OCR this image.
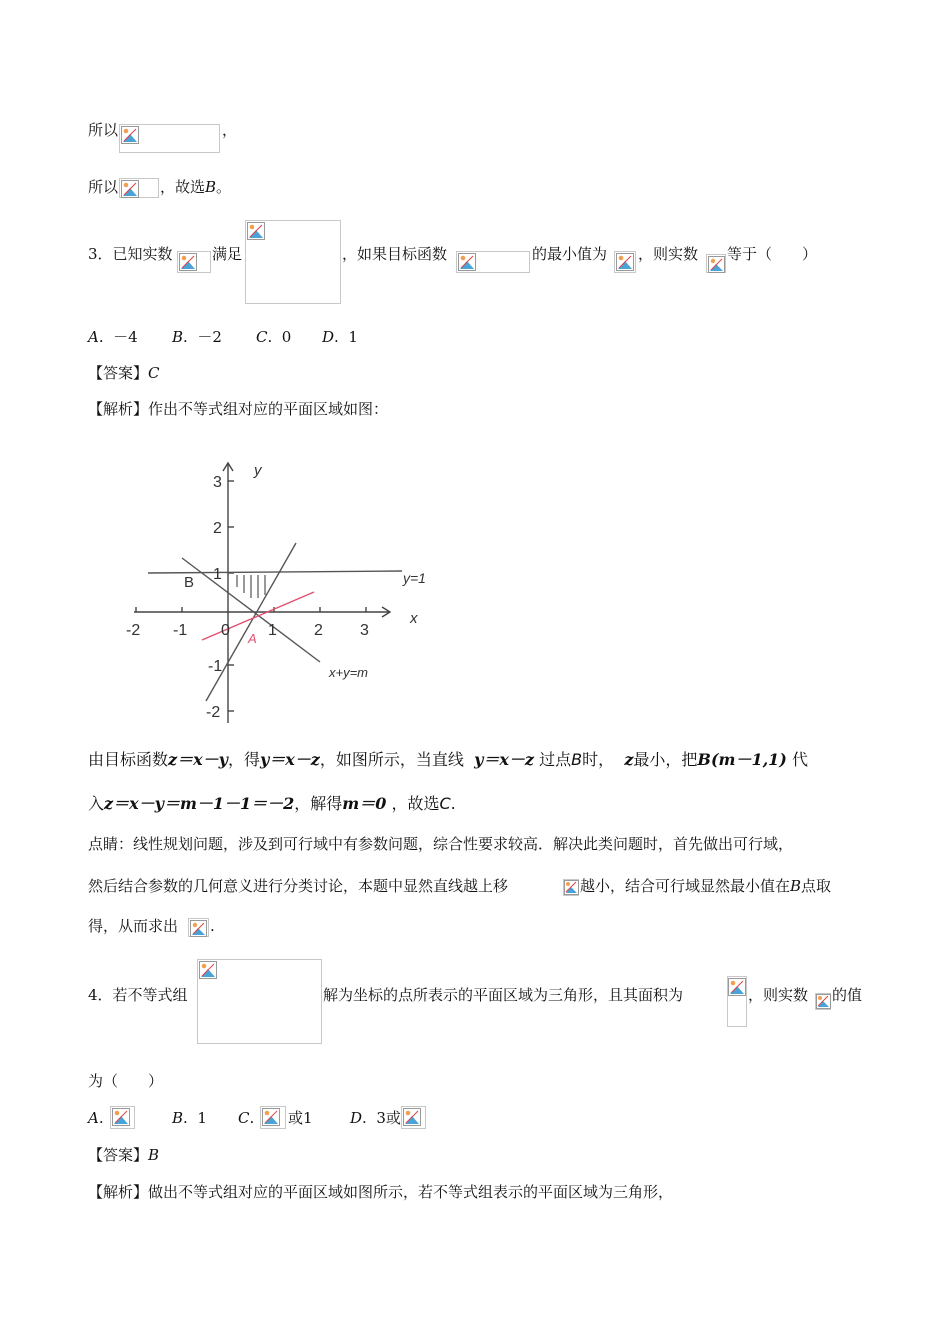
所以	，
所以	，故选B。
3．已知实数	满足	，如果目标函数	的最小值为 ，则实数 等于（　　）
A.  －4 B.  －2 C.  0 D.  1
【答案】C
【解析】作出不等式组对应的平面区域如图：
y
x
-2 -1 0 1 2 3
3
2
1
-1
-2
B
A
y=1
x+y=m
由目标函数z＝x－y，得y＝x－z，如图所示，当直线 y＝x－z 过点B时， z最小，把B(m－1,1) 代
入z＝x－y＝m－1－1＝－2，解得m＝0 ，故选C.
点睛：线性规划问题，涉及到可行域中有参数问题，综合性要求较高．解决此类问题时，首先做出可行域，
然后结合参数的几何意义进行分类讨论，本题中显然直线越上移	越小，结合可行域显然最小值在B点取
得，从而求出 .
4．若不等式组	解为坐标的点所表示的平面区域为三角形，且其面积为	，则实数 的值
为（　　）
A.	B.  1 C. 或1 D.  3或
【答案】B
【解析】做出不等式组对应的平面区域如图所示，若不等式组表示的平面区域为三角形，
